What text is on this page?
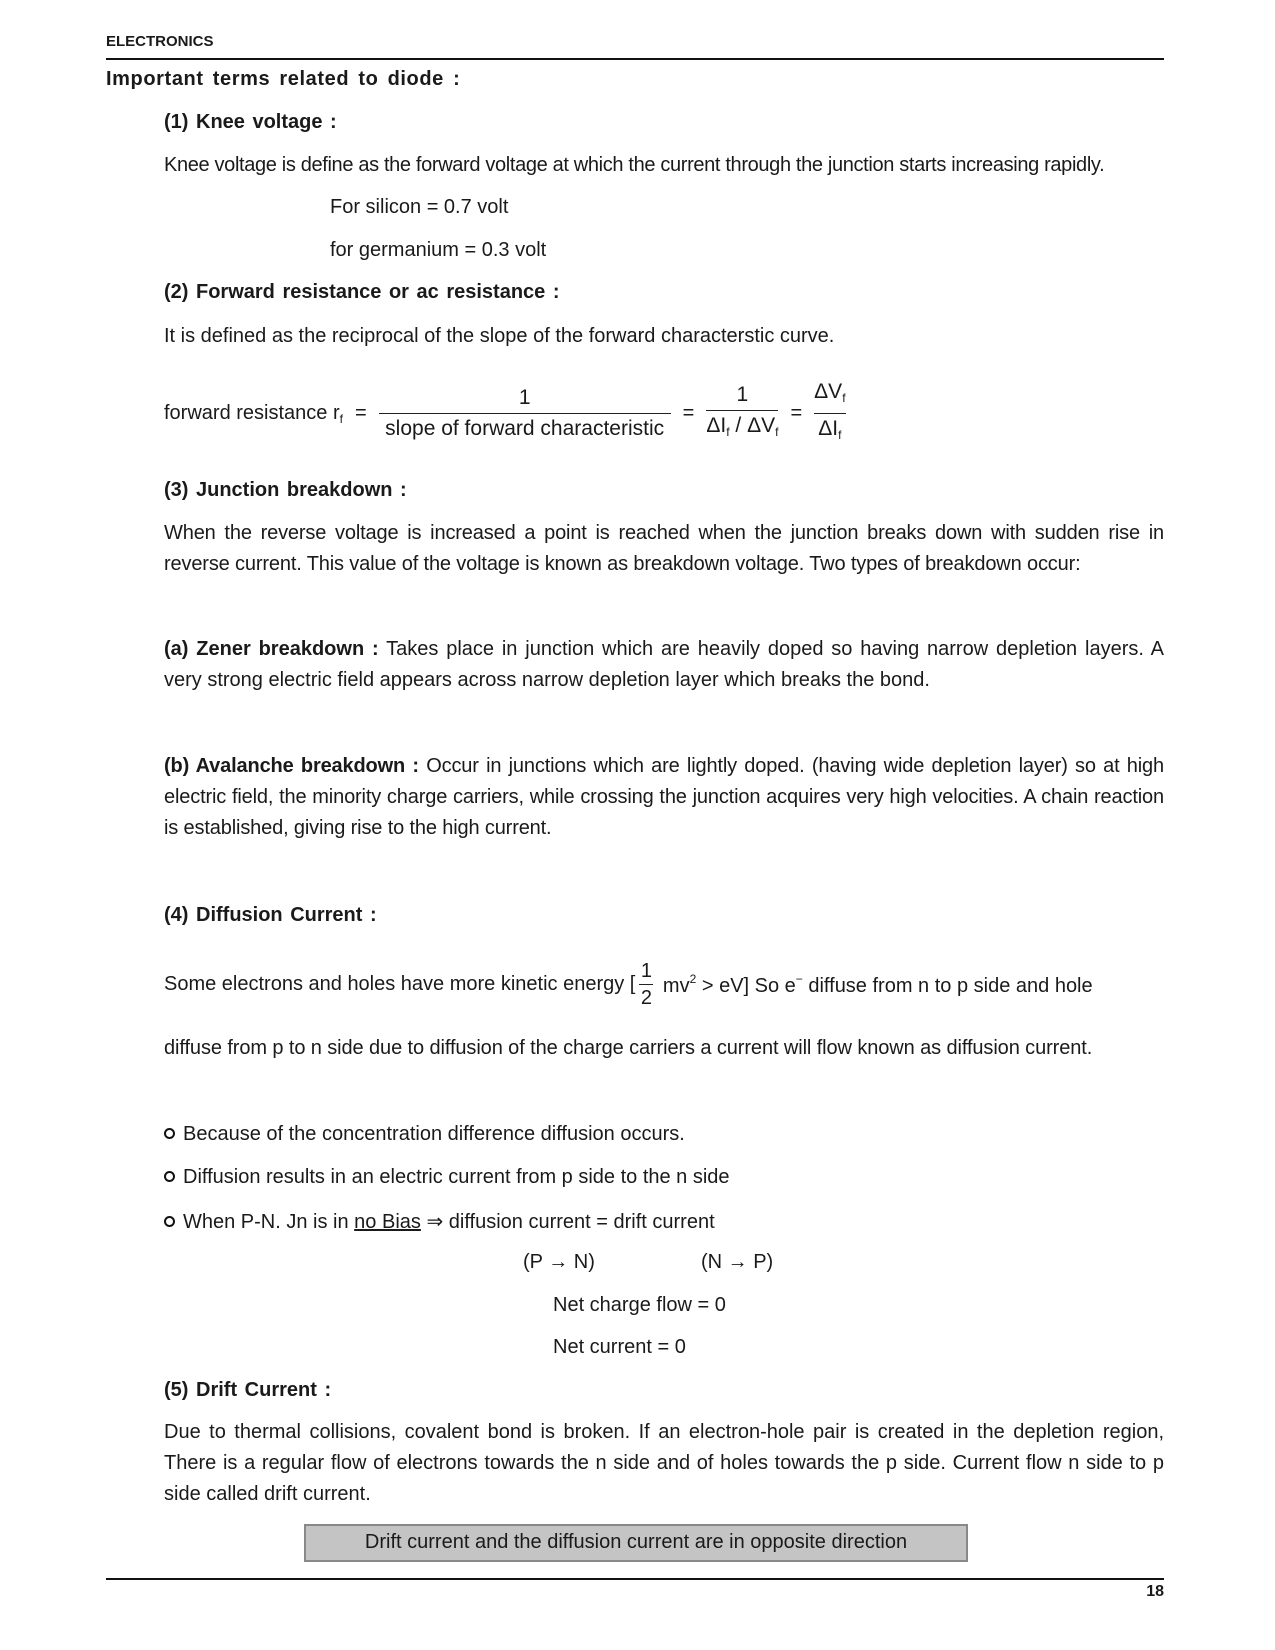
ELECTRONICS
Important terms related to diode :
(1) Knee voltage :
Knee voltage is define as the forward voltage at which the current through the junction starts increasing rapidly.
For silicon = 0.7 volt
for germanium = 0.3 volt
(2) Forward resistance or ac resistance :
It is defined as the reciprocal of the slope of the forward characterstic curve.
forward resistance $r_f$ =
1
slope of forward characteristic
=
1
$\Delta I_f / \Delta V_f$
=
$\Delta V_f$
$\Delta I_f$
(3) Junction breakdown :
When the reverse voltage is increased a point is reached when the junction breaks down with sudden rise in reverse current. This value of the voltage is known as breakdown voltage. Two types of breakdown occur:
(a) Zener breakdown : Takes place in junction which are heavily doped so having narrow depletion layers. A very strong electric field appears across narrow depletion layer which breaks the bond.
(b) Avalanche breakdown : Occur in junctions which are lightly doped. (having wide depletion layer) so at high electric field, the minority charge carriers, while crossing the junction acquires very high velocities. A chain reaction is established, giving rise to the high current.
(4) Diffusion Current :
Some electrons and holes have more kinetic energy [
1
2
$mv^2 > eV$] So e− diffuse from n to p side and hole
diffuse from p to n side due to diffusion of the charge carriers a current will flow known as diffusion current.
Because of the concentration difference diffusion occurs.
Diffusion results in an electric current from p side to the n side
When P-N. Jn is in no Bias ⇒ diffusion current = drift current
(P → N)	(N → P)
Net charge flow = 0
Net current = 0
(5) Drift Current :
Due to thermal collisions, covalent bond is broken. If an electron-hole pair is created in the depletion region, There is a regular flow of electrons towards the n side and of holes towards the p side. Current flow n side to p side called drift current.
Drift current and the diffusion current are in opposite direction
18
